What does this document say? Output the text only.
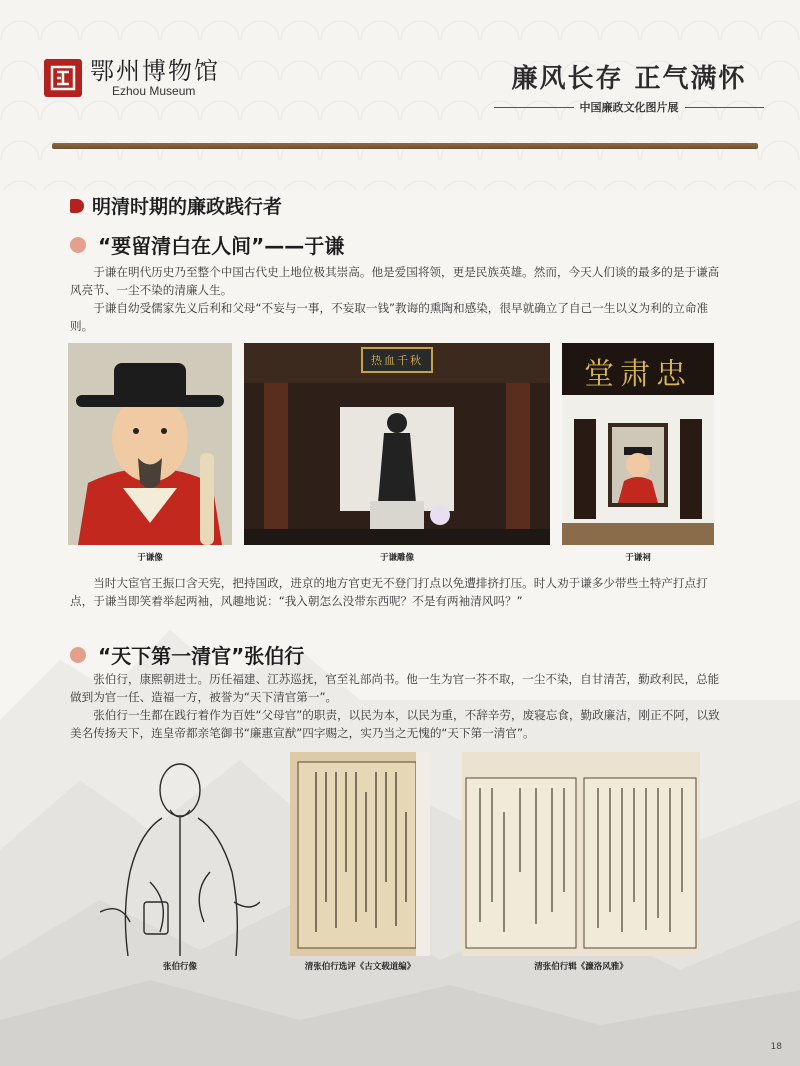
鄂州博物馆
Ezhou Museum	廉风长存 正气满怀
中国廉政文化图片展
明清时期的廉政践行者
“要留清白在人间”——于谦
于谦在明代历史乃至整个中国古代史上地位极其崇高。他是爱国将领，更是民族英雄。然而，今天人们谈的最多的是于谦高风亮节、一尘不染的清廉人生。
于谦自幼受儒家先义后利和父母“不妄与一事，不妄取一钱”教诲的熏陶和感染，很早就确立了自己一生以义为利的立命准则。
于谦像
热血千秋
于谦雕像
忠肃堂
于谦祠
当时大宦官王振口含天宪，把持国政，进京的地方官吏无不登门打点以免遭排挤打压。时人劝于谦多少带些土特产打点打点，于谦当即笑着举起两袖，风趣地说：“我入朝怎么没带东西呢？不是有两袖清风吗？”
“天下第一清官”张伯行
张伯行，康熙朝进士。历任福建、江苏巡抚，官至礼部尚书。他一生为官一芥不取，一尘不染，自甘清苦，勤政利民，总能做到为官一任、造福一方，被誉为“天下清官第一”。
张伯行一生都在践行着作为百姓“父母官”的职责，以民为本，以民为重，不辞辛劳，废寝忘食，勤政廉洁，刚正不阿，以致美名传扬天下，连皇帝都亲笔御书“廉惠宣猷”四字赐之，实乃当之无愧的“天下第一清官”。
张伯行像	清张伯行选评《古文载道编》	清张伯行辑《濂洛风雅》
18
